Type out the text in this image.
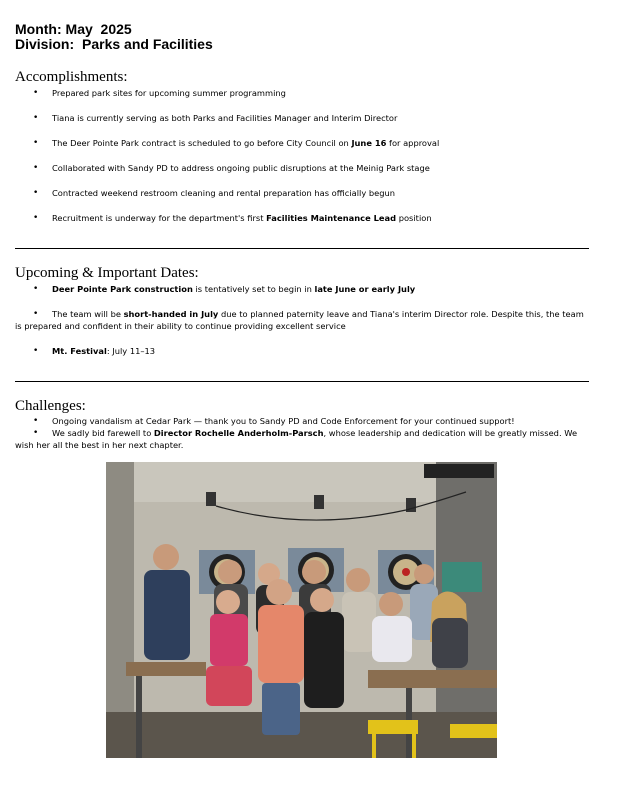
Month: May  2025
Division: Parks and Facilities
Accomplishments:
• Prepared park sites for upcoming summer programming
• Tiana is currently serving as both Parks and Facilities Manager and Interim Director
• The Deer Pointe Park contract is scheduled to go before City Council on June 16 for approval
• Collaborated with Sandy PD to address ongoing public disruptions at the Meinig Park stage
• Contracted weekend restroom cleaning and rental preparation has officially begun
• Recruitment is underway for the department's first Facilities Maintenance Lead position
Upcoming & Important Dates:
• Deer Pointe Park construction is tentatively set to begin in late June or early July
• The team will be short-handed in July due to planned paternity leave and Tiana's interim Director role. Despite this, the team is prepared and confident in their ability to continue providing excellent service
• Mt. Festival: July 11–13
Challenges:
• Ongoing vandalism at Cedar Park — thank you to Sandy PD and Code Enforcement for your continued support!
• We sadly bid farewell to Director Rochelle Anderholm-Parsch, whose leadership and dedication will be greatly missed. We wish her all the best in her next chapter.
